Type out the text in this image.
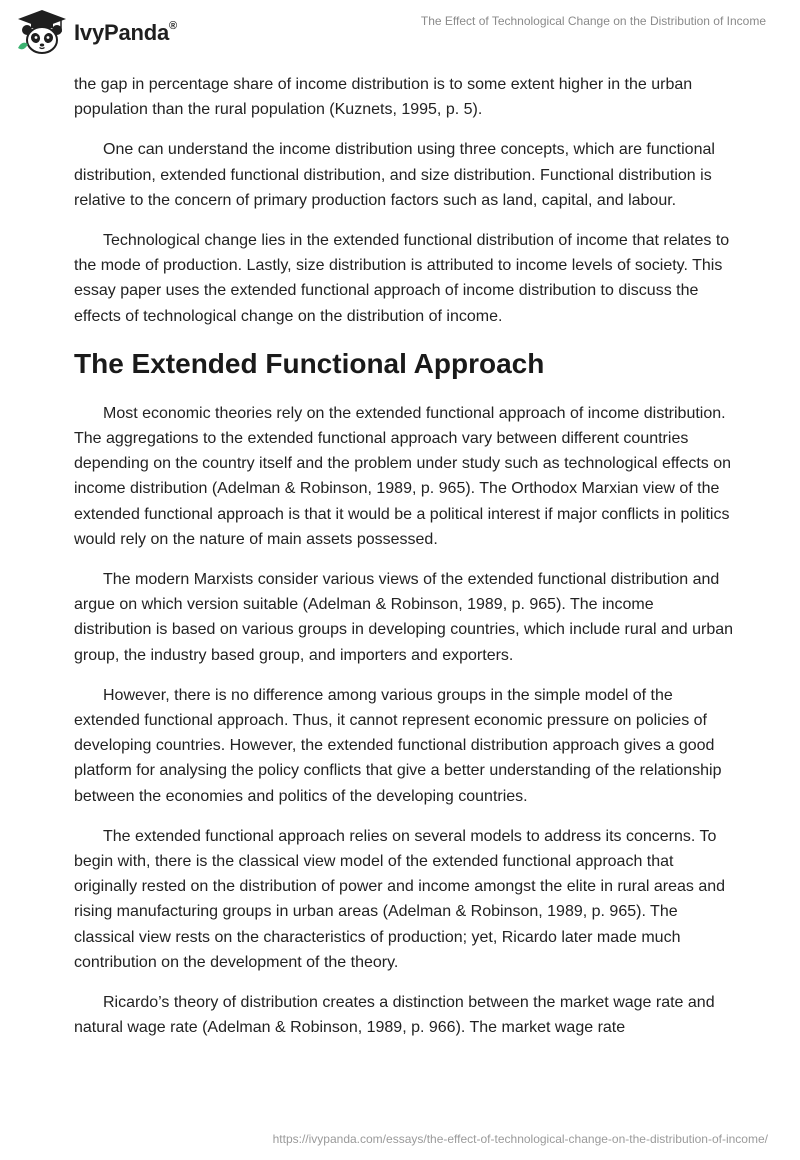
IvyPanda®	The Effect of Technological Change on the Distribution of Income

the gap in percentage share of income distribution is to some extent higher in the urban population than the rural population (Kuznets, 1995, p. 5).

One can understand the income distribution using three concepts, which are functional distribution, extended functional distribution, and size distribution. Functional distribution is relative to the concern of primary production factors such as land, capital, and labour.

Technological change lies in the extended functional distribution of income that relates to the mode of production. Lastly, size distribution is attributed to income levels of society. This essay paper uses the extended functional approach of income distribution to discuss the effects of technological change on the distribution of income.

The Extended Functional Approach

Most economic theories rely on the extended functional approach of income distribution. The aggregations to the extended functional approach vary between different countries depending on the country itself and the problem under study such as technological effects on income distribution (Adelman & Robinson, 1989, p. 965). The Orthodox Marxian view of the extended functional approach is that it would be a political interest if major conflicts in politics would rely on the nature of main assets possessed.

The modern Marxists consider various views of the extended functional distribution and argue on which version suitable (Adelman & Robinson, 1989, p. 965). The income distribution is based on various groups in developing countries, which include rural and urban group, the industry based group, and importers and exporters.

However, there is no difference among various groups in the simple model of the extended functional approach. Thus, it cannot represent economic pressure on policies of developing countries. However, the extended functional distribution approach gives a good platform for analysing the policy conflicts that give a better understanding of the relationship between the economies and politics of the developing countries.

The extended functional approach relies on several models to address its concerns. To begin with, there is the classical view model of the extended functional approach that originally rested on the distribution of power and income amongst the elite in rural areas and rising manufacturing groups in urban areas (Adelman & Robinson, 1989, p. 965). The classical view rests on the characteristics of production; yet, Ricardo later made much contribution on the development of the theory.

Ricardo’s theory of distribution creates a distinction between the market wage rate and natural wage rate (Adelman & Robinson, 1989, p. 966). The market wage rate

https://ivypanda.com/essays/the-effect-of-technological-change-on-the-distribution-of-income/
